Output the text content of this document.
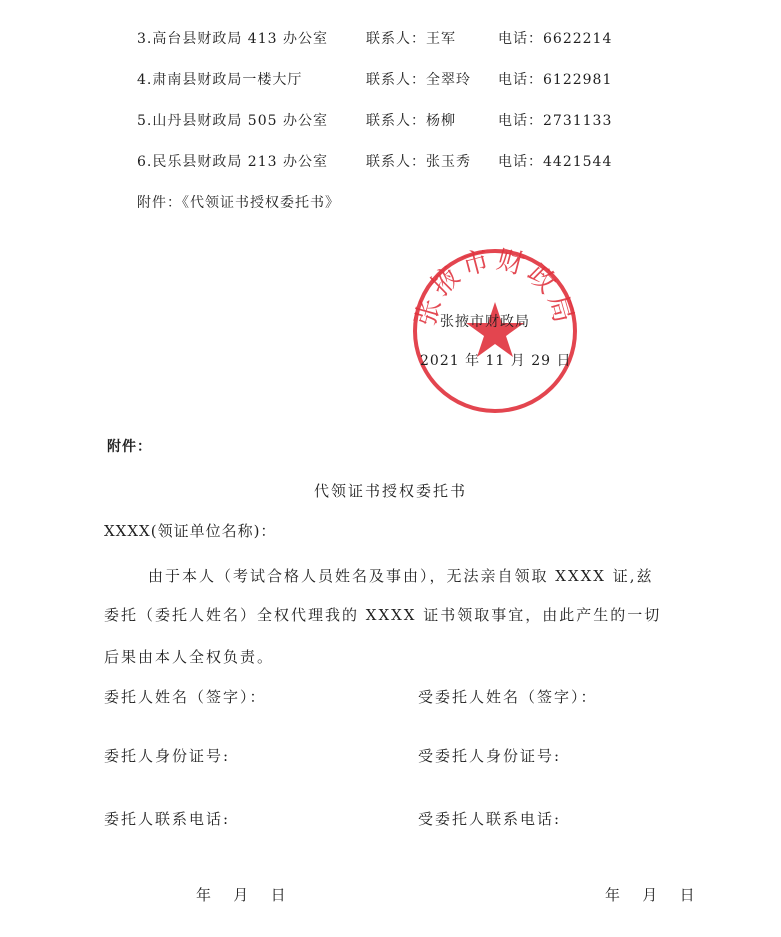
3.高台县财政局 413 办公室	联系人：王军	电话：6622214
4.肃南县财政局一楼大厅	联系人：全翠玲 电话：6122981
5.山丹县财政局 505 办公室	联系人：杨柳	电话：2731133
6.民乐县财政局 213 办公室	联系人：张玉秀 电话：4421544
附件：《代领证书授权委托书》
张掖市财政局
张掖市财政局
2021 年 11 月 29 日
附件：
代领证书授权委托书
XXXX(领证单位名称)：
由于本人（考试合格人员姓名及事由），无法亲自领取 XXXX 证,兹
委托（委托人姓名）全权代理我的 XXXX 证书领取事宜，由此产生的一切
后果由本人全权负责。
委托人姓名（签字）：	受委托人姓名（签字）：
委托人身份证号:	受委托人身份证号:
委托人联系电话:	受委托人联系电话:
年   月   日	年   月   日
